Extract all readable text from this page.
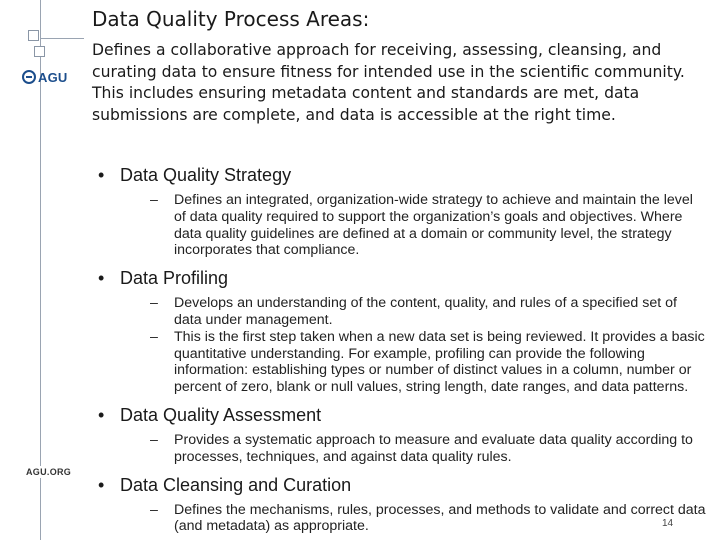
AGU
AGU.ORG
Data Quality Process Areas:
Defines a collaborative approach for receiving, assessing, cleansing, and curating data to ensure fitness for intended use in the scientific community. This includes ensuring metadata content and standards are met, data submissions are complete, and data is accessible at the right time.
• Data Quality Strategy
– Defines an integrated, organization-wide strategy to achieve and maintain the level of data quality required to support the organization’s goals and objectives. Where data quality guidelines are defined at a domain or community level, the strategy incorporates that compliance.
• Data Profiling
– Develops an understanding of the content, quality, and rules of a specified set of data under management.
– This is the first step taken when a new data set is being reviewed. It provides a basic quantitative understanding. For example, profiling can provide the following information: establishing types or number of distinct values in a column, number or percent of zero, blank or null values, string length, date ranges, and data patterns.
• Data Quality Assessment
– Provides a systematic approach to measure and evaluate data quality according to processes, techniques, and against data quality rules.
• Data Cleansing and Curation
– Defines the mechanisms, rules, processes, and methods to validate and correct data (and metadata) as appropriate.	14
